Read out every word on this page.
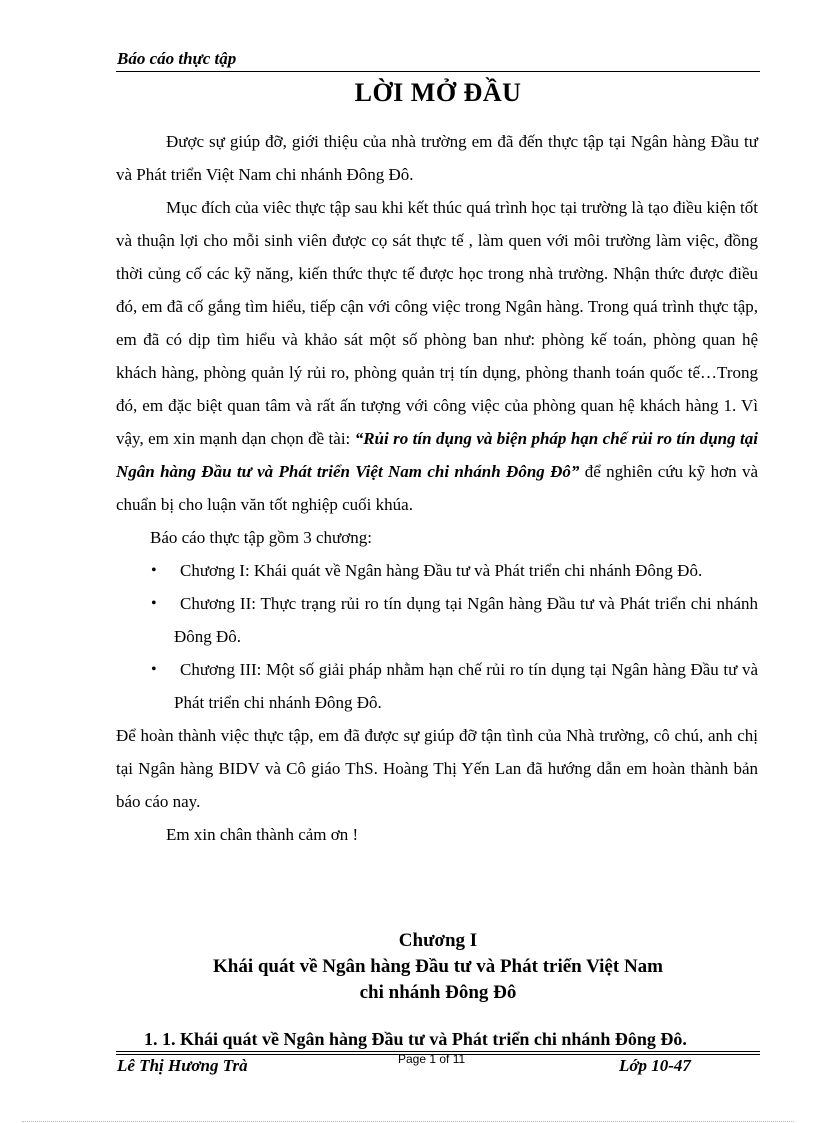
Báo cáo thực tập
LỜI MỞ ĐẦU

Được sự giúp đỡ, giới thiệu của nhà trường em đã đến thực tập tại Ngân hàng Đầu tư và Phát triển Việt Nam chi nhánh Đông Đô.

Mục đích của viêc thực tập sau khi kết thúc quá trình học tại trường là tạo điều kiện tốt và thuận lợi cho mỗi sinh viên được cọ sát thực tế , làm quen với môi trường làm việc, đồng thời củng cố các kỹ năng, kiến thức thực tế được học trong nhà trường. Nhận thức được điều đó, em đã cố gắng tìm hiểu, tiếp cận với công việc trong Ngân hàng. Trong quá trình thực tập, em đã có dịp tìm hiểu và khảo sát một số phòng ban như: phòng kế toán, phòng quan hệ khách hàng, phòng quản lý rủi ro, phòng quản trị tín dụng, phòng thanh toán quốc tế…Trong đó, em đặc biệt quan tâm và rất ấn tượng với công việc của phòng quan hệ khách hàng 1. Vì vậy, em xin mạnh dạn chọn đề tài: “Rủi ro tín dụng và biện pháp hạn chế rủi ro tín dụng tại Ngân hàng Đầu tư và Phát triển Việt Nam chi nhánh Đông Đô” để nghiên cứu kỹ hơn và chuẩn bị cho luận văn tốt nghiệp cuối khúa.

Báo cáo thực tập gồm 3 chương:

• Chương I: Khái quát về Ngân hàng Đầu tư và Phát triển chi nhánh Đông Đô.
• Chương II: Thực trạng rủi ro tín dụng tại Ngân hàng Đầu tư và Phát triển chi nhánh Đông Đô.
• Chương III: Một số giải pháp nhằm hạn chế rủi ro tín dụng tại Ngân hàng Đầu tư và Phát triển chi nhánh Đông Đô.

Để hoàn thành việc thực tập, em đã được sự giúp đỡ tận tình của Nhà trường, cô chú, anh chị tại Ngân hàng BIDV và Cô giáo ThS. Hoàng Thị Yến Lan đã hướng dẫn em hoàn thành bản báo cáo nay.

Em xin chân thành cảm ơn !

Chương I
Khái quát về Ngân hàng Đầu tư và Phát triển Việt Nam
chi nhánh Đông Đô
1. 1. Khái quát về Ngân hàng Đầu tư và Phát triển chi nhánh Đông Đô.
Lê Thị Hương Trà	Page 1 of 11	Lớp 10-47
